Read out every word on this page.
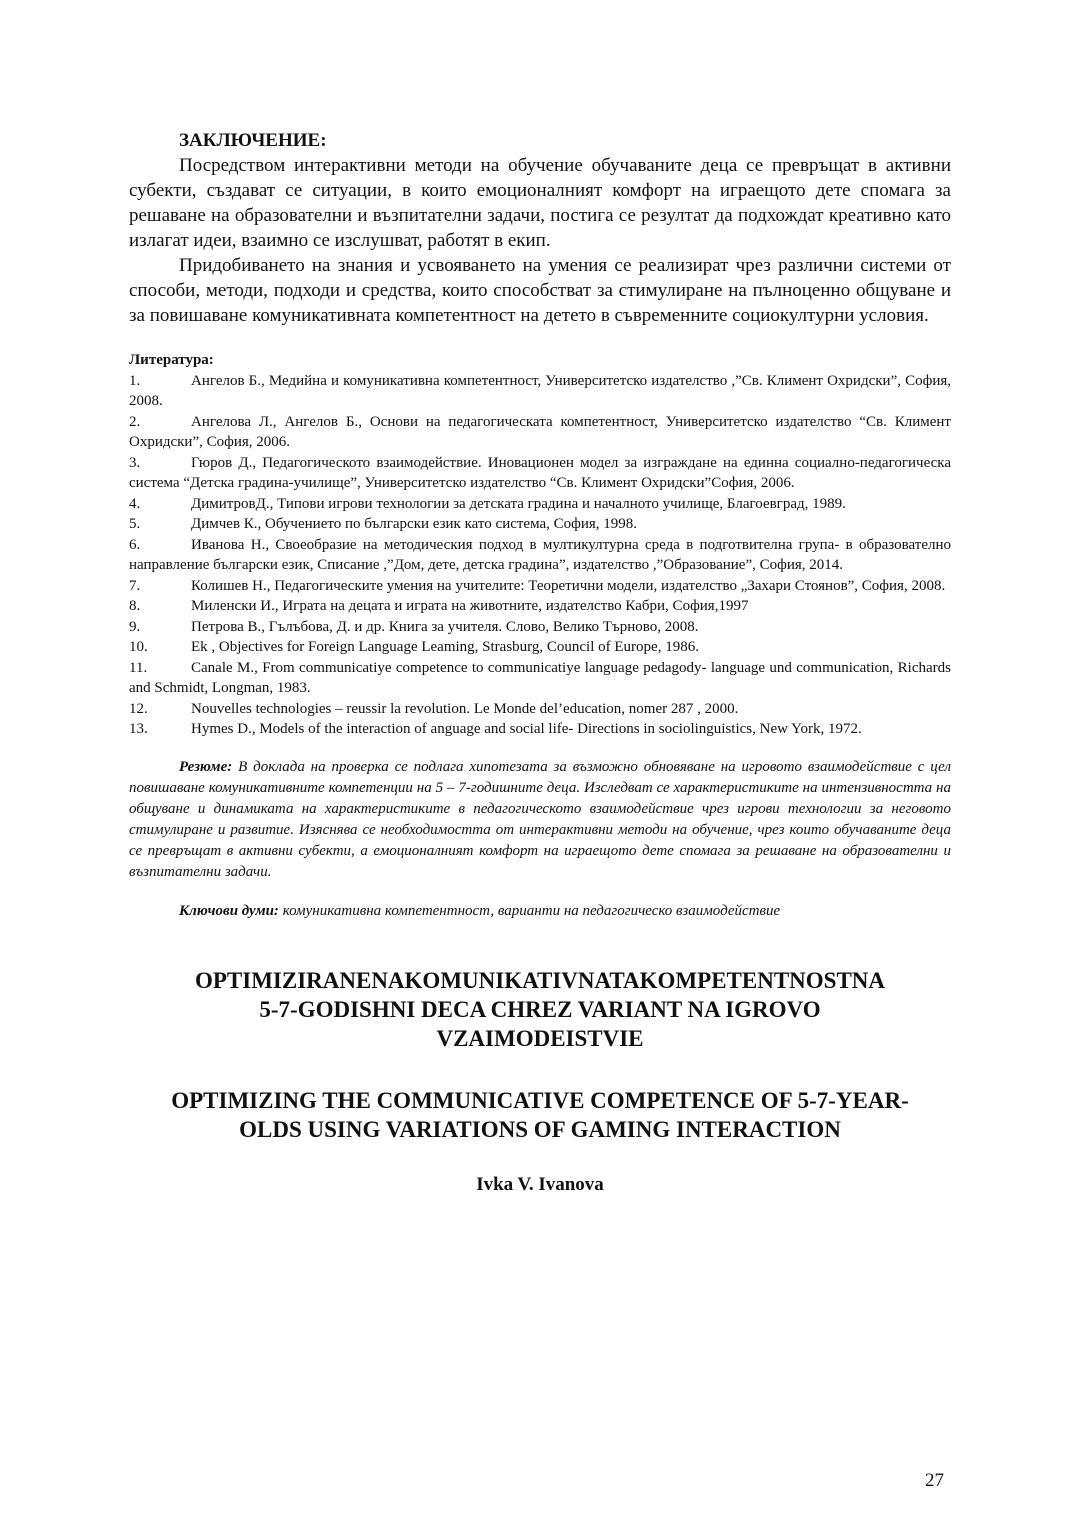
ЗАКЛЮЧЕНИЕ:

Посредством интерактивни методи на обучение обучаваните деца се превръщат в активни субекти, създават се ситуации, в които емоционалният комфорт на играещото дете спомага за решаване на образователни и възпитателни задачи, постига се резултат да подхождат креативно като излагат идеи, взаимно се изслушват, работят в екип.

Придобиването на знания и усвояването на умения се реализират чрез различни системи от способи, методи, подходи и средства, които способстват за стимулиране на пълноценно общуване и за повишаване комуникативната компетентност на детето в съвременните социокултурни условия.

Литература:

1.	Ангелов Б., Медийна и комуникативна компетентност, Университетско издателство ,”Св. Климент Охридски”, София, 2008.

2.	Ангелова Л., Ангелов Б., Основи на педагогическата компетентност, Университетско издателство “Св. Климент Охридски”, София, 2006.

3.	Гюров Д., Педагогическото взаимодействие. Иновационен модел за изграждане на единна социално-педагогическа система “Детска градина-училище”, Университетско издателство “Св. Климент Охридски”София, 2006.

4.	ДимитровД., Типови игрови технологии за детската градина и началното училище, Благоевград, 1989.

5.	Димчев К., Обучението по български език като система, София, 1998.

6.	Иванова Н., Своеобразие на методическия подход в мултикултурна среда в подготвителна група- в образователно направление български език, Списание ,”Дом, дете, детска градина”, издателство ,”Образование”, София, 2014.

7.	Колишев Н., Педагогическите умения на учителите: Теоретични модели, издателство „Захари Стоянов”, София, 2008.

8.	Миленски И., Играта на децата и играта на животните, издателство Кабри, София,1997

9.	Петрова В., Гълъбова, Д. и др. Книга за учителя. Слово, Велико Търново, 2008.

10.	Ek , Objectives for Foreign Language Leaming, Strasburg, Council of Europe, 1986.

11.	Canale M., From communicatiye competence to communicatiye language pedagody- language und communication, Richards and Schmidt, Longman, 1983.

12.	Nouvelles technologies – reussir la revolution. Le Monde del’education, nomer 287 , 2000.

13.	Hymes D., Models of the interaction of anguage and social life- Directions in sociolinguistics, New York, 1972.

Резюме: В доклада на проверка се подлага хипотезата за възможно обновяване на игровото взаимодействие с цел повишаване комуникативните компетенции на 5 – 7-годишните деца. Изследват се характеристиките на интензивността на общуване и динамиката на характеристиките в педагогическото взаимодействие чрез игрови технологии за неговото стимулиране и развитие. Изяснява се необходимостта от интерактивни методи на обучение, чрез които обучаваните деца се превръщат в активни субекти, а емоционалният комфорт на играещото дете спомага за решаване на образователни и възпитателни задачи.

Ключови думи: комуникативна компетентност, варианти на педагогическо взаимодействие

OPTIMIZIRANENAKOMUNIKATIVNATAKOMPETENTNOSTNA
5-7-GODISHNI DECA CHREZ VARIANT NA IGROVO
VZAIMODEISTVIE
OPTIMIZING THE COMMUNICATIVE COMPETENCE OF 5-7-YEAR-
OLDS USING VARIATIONS OF GAMING INTERACTION
Ivka V. Ivanova
27
